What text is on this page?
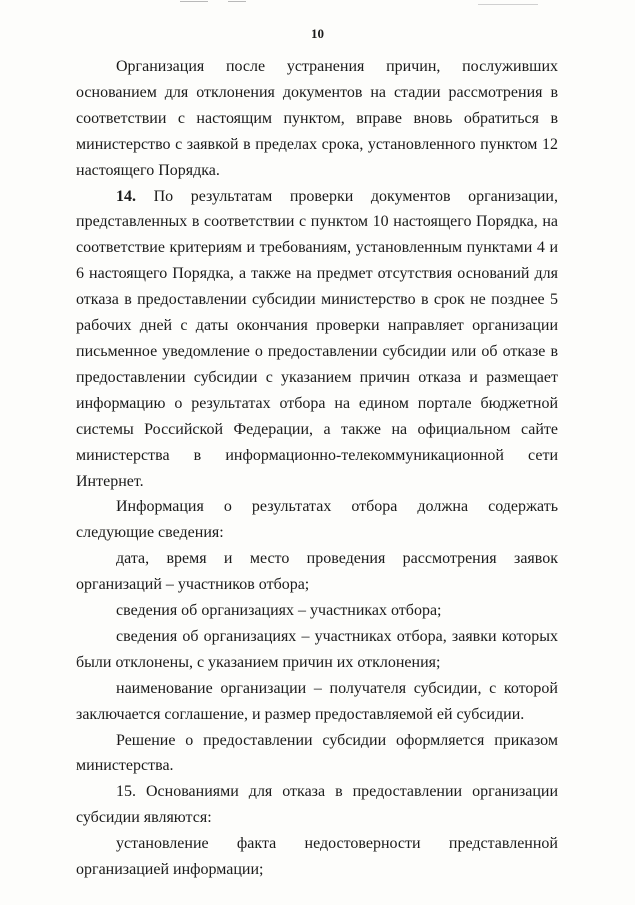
10

Организация после устранения причин, послуживших основанием для отклонения документов на стадии рассмотрения в соответствии с настоящим пунктом, вправе вновь обратиться в министерство с заявкой в пределах срока, установленного пунктом 12 настоящего Порядка.

14. По результатам проверки документов организации, представленных в соответствии с пунктом 10 настоящего Порядка, на соответствие критериям и требованиям, установленным пунктами 4 и 6 настоящего Порядка, а также на предмет отсутствия оснований для отказа в предоставлении субсидии министерство в срок не позднее 5 рабочих дней с даты окончания проверки направляет организации письменное уведомление о предоставлении субсидии или об отказе в предоставлении субсидии с указанием причин отказа и размещает информацию о результатах отбора на едином портале бюджетной системы Российской Федерации, а также на официальном сайте министерства в информационно-телекоммуникационной сети Интернет.

Информация о результатах отбора должна содержать следующие сведения:

дата, время и место проведения рассмотрения заявок организаций – участников отбора;

сведения об организациях – участниках отбора;

сведения об организациях – участниках отбора, заявки которых были отклонены, с указанием причин их отклонения;

наименование организации – получателя субсидии, с которой заключается соглашение, и размер предоставляемой ей субсидии.

Решение о предоставлении субсидии оформляется приказом министерства.

15. Основаниями для отказа в предоставлении организации субсидии являются:

установление факта недостоверности представленной организацией информации;
